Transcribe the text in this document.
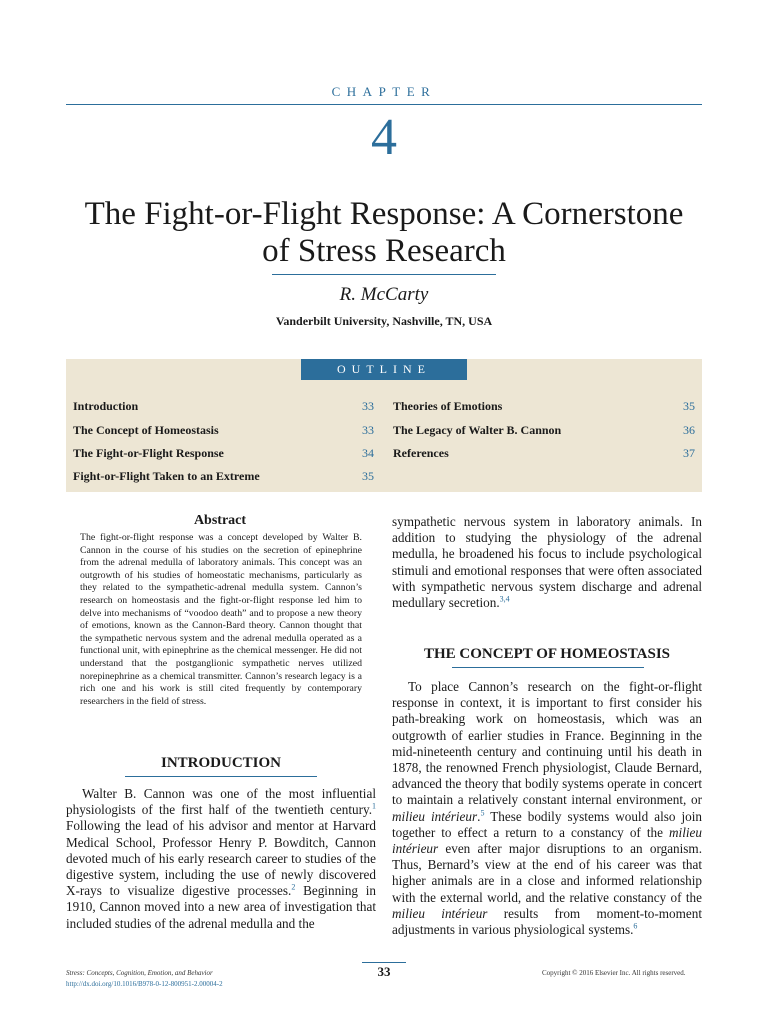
CHAPTER
4
The Fight-or-Flight Response: A Cornerstone
of Stress Research
R. McCarty
Vanderbilt University, Nashville, TN, USA
Introduction	33
The Concept of Homeostasis	33
The Fight-or-Flight Response	34
Fight-or-Flight Taken to an Extreme	35
Theories of Emotions	35
The Legacy of Walter B. Cannon	36
References	37
OUTLINE
Abstract
The fight-or-flight response was a concept developed by Walter B. Cannon in the course of his studies on the secretion of epinephrine from the adrenal medulla of laboratory animals. This concept was an outgrowth of his studies of homeostatic mechanisms, particularly as they related to the sympathetic-adrenal medulla system. Cannon’s research on homeostasis and the fight-or-flight response led him to delve into mechanisms of “voodoo death” and to propose a new theory of emotions, known as the Cannon-Bard theory. Cannon thought that the sympathetic nervous system and the adrenal medulla operated as a functional unit, with epinephrine as the chemical messenger. He did not understand that the postganglionic sympathetic nerves utilized norepinephrine as a chemical transmitter. Cannon’s research legacy is a rich one and his work is still cited frequently by contemporary researchers in the field of stress.
INTRODUCTION
Walter B. Cannon was one of the most influential physiologists of the first half of the twentieth century.$^1$ Following the lead of his advisor and mentor at Harvard Medical School, Professor Henry P. Bowditch, Cannon devoted much of his early research career to studies of the digestive system, including the use of newly discovered X-rays to visualize digestive processes.$^2$ Beginning in 1910, Cannon moved into a new area of investigation that included studies of the adrenal medulla and the
sympathetic nervous system in laboratory animals. In addition to studying the physiology of the adrenal medulla, he broadened his focus to include psychological stimuli and emotional responses that were often associated with sympathetic nervous system discharge and adrenal medullary secretion.$^{3,4}$
THE CONCEPT OF HOMEOSTASIS
To place Cannon’s research on the fight-or-flight response in context, it is important to first consider his path-breaking work on homeostasis, which was an outgrowth of earlier studies in France. Beginning in the mid-nineteenth century and continuing until his death in 1878, the renowned French physiologist, Claude Bernard, advanced the theory that bodily systems operate in concert to maintain a relatively constant internal environment, or milieu intérieur.$^5$ These bodily systems would also join together to effect a return to a constancy of the milieu intérieur even after major disruptions to an organism. Thus, Bernard’s view at the end of his career was that higher animals are in a close and informed relationship with the external world, and the relative constancy of the milieu intérieur results from moment-to-moment adjustments in various physiological systems.$^6$
Stress: Concepts, Cognition, Emotion, and Behavior
http://dx.doi.org/10.1016/B978-0-12-800951-2.00004-2
33	Copyright © 2016 Elsevier Inc. All rights reserved.
